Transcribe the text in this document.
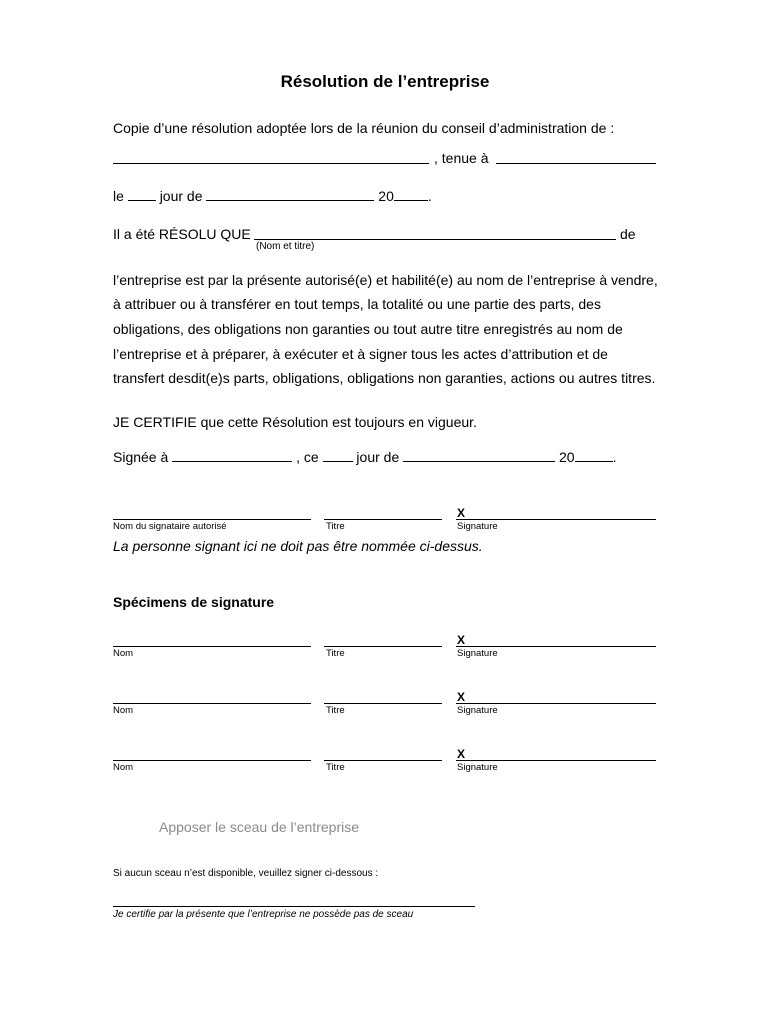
Résolution de l’entreprise
Copie d’une résolution adoptée lors de la réunion du conseil d’administration de :
, tenue à
le	jour de	20 .
Il a été RÉSOLU QUE	de
(Nom et titre)
l’entreprise est par la présente autorisé(e) et habilité(e) au nom de l’entreprise à vendre,
à attribuer ou à transférer en tout temps, la totalité ou une partie des parts, des
obligations, des obligations non garanties ou tout autre titre enregistrés au nom de
l’entreprise et à préparer, à exécuter et à signer tous les actes d’attribution et de
transfert desdit(e)s parts, obligations, obligations non garanties, actions ou autres titres.
JE CERTIFIE que cette Résolution est toujours en vigueur.
Signée à	, ce	jour de	20	.
X
Nom du signataire autorisé	Titre	Signature
La personne signant ici ne doit pas être nommée ci-dessus.
Spécimens de signature
X
Nom	Titre	Signature
X
Nom	Titre	Signature
X
Nom	Titre	Signature
Apposer le sceau de l’entreprise
Si aucun sceau n’est disponible, veuillez signer ci-dessous :
Je certifie par la présente que l’entreprise ne possède pas de sceau
